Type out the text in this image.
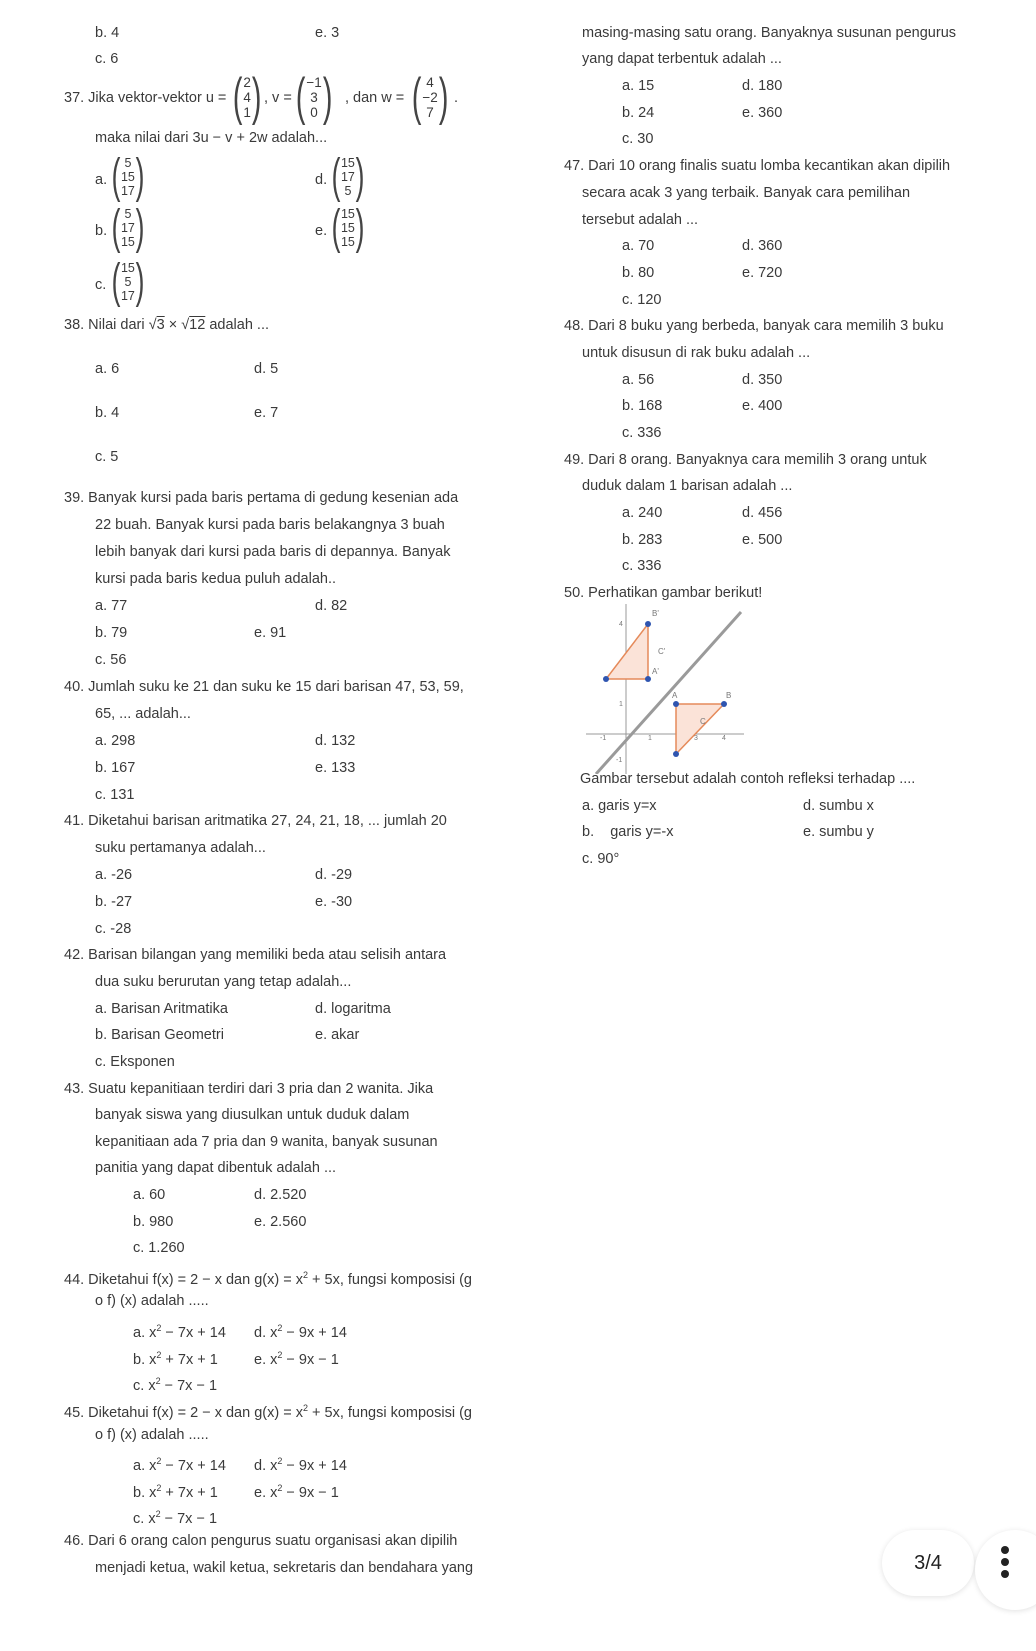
b. 4	e. 3
c. 6
37. Jika vektor-vektor u = ( 2
4
1 ) , v = ( −1
3
0 ) , dan w = ( 4
−2
7 ) .
maka nilai dari 3u − v + 2w adalah...
a. ( 5
15
17 )	d. ( 15
17
5 )
b. ( 5
17
15 )	e. ( 15
15
15 )
c. ( 15
5
17 )
38. Nilai dari √3 × √12 adalah ...
a. 6	d. 5
b. 4	e. 7
c. 5
39. Banyak kursi pada baris pertama di gedung kesenian ada
22 buah. Banyak kursi pada baris belakangnya 3 buah
lebih banyak dari kursi pada baris di depannya. Banyak
kursi pada baris kedua puluh adalah..
a. 77	d. 82
b. 79	e. 91
c. 56
40. Jumlah suku ke 21 dan suku ke 15 dari barisan 47, 53, 59,
65, ... adalah...
a. 298	d. 132
b. 167	e. 133
c. 131
41. Diketahui barisan aritmatika 27, 24, 21, 18, ... jumlah 20
suku pertamanya adalah...
a. -26	d. -29
b. -27	e. -30
c. -28
42. Barisan bilangan yang memiliki beda atau selisih antara
dua suku berurutan yang tetap adalah...
a. Barisan Aritmatika	d. logaritma
b. Barisan Geometri	e. akar
c. Eksponen
43. Suatu kepanitiaan terdiri dari 3 pria dan 2 wanita. Jika
banyak siswa yang diusulkan untuk duduk dalam
kepanitiaan ada 7 pria dan 9 wanita, banyak susunan
panitia yang dapat dibentuk adalah ...
a. 60	d. 2.520
b. 980	e. 2.560
c. 1.260
44. Diketahui f(x) = 2 − x dan $g(x) = x^2 + 5x$, fungsi komposisi (g
o f) (x) adalah .....
a. $x^2 - 7x + 14$ d. $x^2 - 9x + 14$
b. $x^2 + 7x + 1$ e. $x^2 - 9x - 1$
c. $x^2 - 7x - 1$
45. Diketahui f(x) = 2 − x dan $g(x) = x^2 + 5x$, fungsi komposisi (g
o f) (x) adalah .....
a. $x^2 - 7x + 14$ d. $x^2 - 9x + 14$
b. $x^2 + 7x + 1$ e. $x^2 - 9x - 1$
c. $x^2 - 7x - 1$
46. Dari 6 orang calon pengurus suatu organisasi akan dipilih
menjadi ketua, wakil ketua, sekretaris dan bendahara yang
masing-masing satu orang. Banyaknya susunan pengurus
yang dapat terbentuk adalah ...
a. 15	d. 180
b. 24	e. 360
c. 30
47. Dari 10 orang finalis suatu lomba kecantikan akan dipilih
secara acak 3 yang terbaik. Banyak cara pemilihan
tersebut adalah ...
a. 70	d. 360
b. 80	e. 720
c. 120
48. Dari 8 buku yang berbeda, banyak cara memilih 3 buku
untuk disusun di rak buku adalah ...
a. 56	d. 350
b. 168	e. 400
c. 336
49. Dari 8 orang. Banyaknya cara memilih 3 orang untuk
duduk dalam 1 barisan adalah ...
a. 240	d. 456
b. 283	e. 500
c. 336
50. Perhatikan gambar berikut!
B'
C'
A'
A	B
C
-1	1	3	4
1
-1
4
Gambar tersebut adalah contoh refleksi terhadap ....
a. garis y=x	d. sumbu x
b. garis y=-x	e. sumbu y
c. 90°
3/4
